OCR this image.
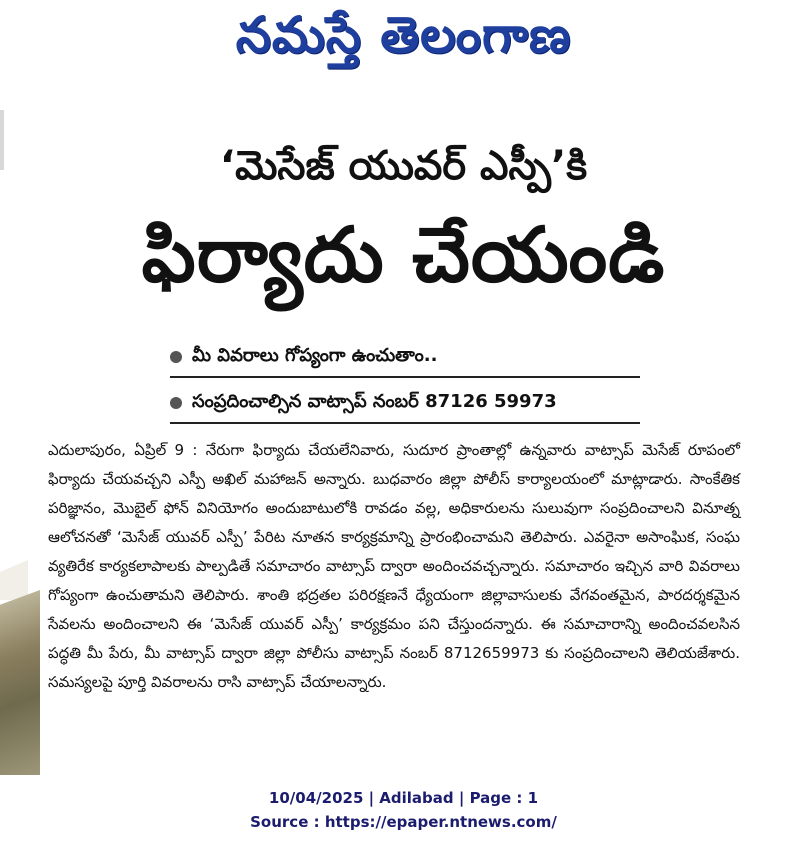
నమస్తే తెలంగాణ
‘మెసేజ్ యువర్ ఎస్పీ’కి
ఫిర్యాదు చేయండి
మీ వివరాలు గోప్యంగా ఉంచుతాం..
సంప్రదించాల్సిన వాట్సాప్ నంబర్ 87126 59973

ఎదులాపురం, ఏప్రిల్ 9 : నేరుగా ఫిర్యాదు చేయలేనివారు, సుదూర ప్రాంతాల్లో ఉన్నవారు వాట్సాప్ మెసేజ్ రూపంలో ఫిర్యాదు చేయవచ్చని ఎస్పీ అఖిల్ మహాజన్ అన్నారు. బుధవారం జిల్లా పోలీస్ కార్యాలయంలో మాట్లాడారు. సాంకేతిక పరిజ్ఞానం, మొబైల్ ఫోన్ వినియోగం అందుబాటులోకి రావడం వల్ల, అధికారులను సులువుగా సంప్రదించాలని వినూత్న ఆలోచనతో ‘మెసేజ్ యువర్ ఎస్పీ’ పేరిట నూతన కార్యక్రమాన్ని ప్రారంభించామని తెలిపారు. ఎవరైనా అసాంఘిక, సంఘ వ్యతిరేక కార్యకలాపాలకు పాల్పడితే సమాచారం వాట్సాప్ ద్వారా అందించవచ్చన్నారు. సమాచారం ఇచ్చిన వారి వివరాలు గోప్యంగా ఉంచుతామని తెలిపారు. శాంతి భద్రతల పరిరక్షణనే ధ్యేయంగా జిల్లావాసులకు వేగవంతమైన, పారదర్శకమైన సేవలను అందించాలని ఈ ‘మెసేజ్ యువర్ ఎస్పీ’ కార్యక్రమం పని చేస్తుందన్నారు. ఈ సమాచారాన్ని అందించవలసిన పద్ధతి మీ పేరు, మీ వాట్సాప్ ద్వారా జిల్లా పోలీసు వాట్సాప్ నంబర్ 8712659973 కు సంప్రదించాలని తెలియజేశారు. సమస్యలపై పూర్తి వివరాలను రాసి వాట్సాప్ చేయాలన్నారు.

10/04/2025 | Adilabad | Page : 1
Source : https://epaper.ntnews.com/
